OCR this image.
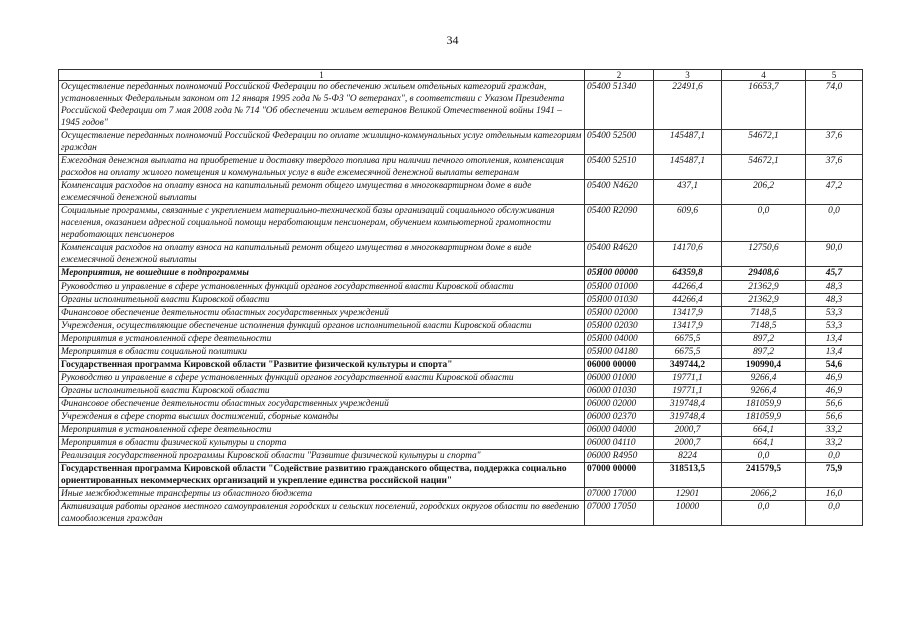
34
1	2	3	4	5
Осуществление переданных полномочий Российской Федерации по обеспечению жильем отдельных категорий граждан, установленных Федеральным законом от 12 января 1995 года № 5-ФЗ "О ветеранах", в соответствии с Указом Президента Российской Федерации от 7 мая 2008 года № 714 "Об обеспечении жильем ветеранов Великой Отечественной войны 1941 – 1945 годов"	05400 51340	22491,6	16653,7	74,0
Осуществление переданных полномочий Российской Федерации по оплате жилищно-коммунальных услуг отдельным категориям граждан	05400 52500	145487,1	54672,1	37,6
Ежегодная денежная выплата на приобретение и доставку твердого топлива при наличии печного отопления, компенсация расходов на оплату жилого помещения и коммунальных услуг в виде ежемесячной денежной выплаты ветеранам	05400 52510	145487,1	54672,1	37,6
Компенсация расходов на оплату взноса на капитальный ремонт общего имущества в многоквартирном доме в виде ежемесячной денежной выплаты	05400 N4620	437,1	206,2	47,2
Социальные программы, связанные с укреплением материально-технической базы организаций социального обслуживания населения, оказанием адресной социальной помощи неработающим пенсионерам, обучением компьютерной грамотности неработающих пенсионеров	05400 R2090	609,6	0,0	0,0
Компенсация расходов на оплату взноса на капитальный ремонт общего имущества в многоквартирном доме в виде ежемесячной денежной выплаты	05400 R4620	14170,6	12750,6	90,0
Мероприятия, не вошедшие в подпрограммы	05Я00 00000	64359,8	29408,6	45,7
Руководство и управление в сфере установленных функций органов государственной власти Кировской области	05Я00 01000	44266,4	21362,9	48,3
Органы исполнительной власти Кировской области	05Я00 01030	44266,4	21362,9	48,3
Финансовое обеспечение деятельности областных государственных учреждений	05Я00 02000	13417,9	7148,5	53,3
Учреждения, осуществляющие обеспечение исполнения функций органов исполнительной власти Кировской области	05Я00 02030	13417,9	7148,5	53,3
Мероприятия в установленной сфере деятельности	05Я00 04000	6675,5	897,2	13,4
Мероприятия в области социальной политики	05Я00 04180	6675,5	897,2	13,4
Государственная программа Кировской области "Развитие физической культуры и спорта"	06000 00000	349744,2	190990,4	54,6
Руководство и управление в сфере установленных функций органов государственной власти Кировской области	06000 01000	19771,1	9266,4	46,9
Органы исполнительной власти Кировской области	06000 01030	19771,1	9266,4	46,9
Финансовое обеспечение деятельности областных государственных учреждений	06000 02000	319748,4	181059,9	56,6
Учреждения в сфере спорта высших достижений, сборные команды	06000 02370	319748,4	181059,9	56,6
Мероприятия в установленной сфере деятельности	06000 04000	2000,7	664,1	33,2
Мероприятия в области физической культуры и спорта	06000 04110	2000,7	664,1	33,2
Реализация государственной программы Кировской области "Развитие физической культуры и спорта"	06000 R4950	8224	0,0	0,0
Государственная программа Кировской области "Содействие развитию гражданского общества, поддержка социально ориентированных некоммерческих организаций и укрепление единства российской нации"	07000 00000	318513,5	241579,5	75,9
Иные межбюджетные трансферты из областного бюджета	07000 17000	12901	2066,2	16,0
Активизация работы органов местного самоуправления городских и сельских поселений, городских округов области по введению самообложения граждан	07000 17050	10000	0,0	0,0
